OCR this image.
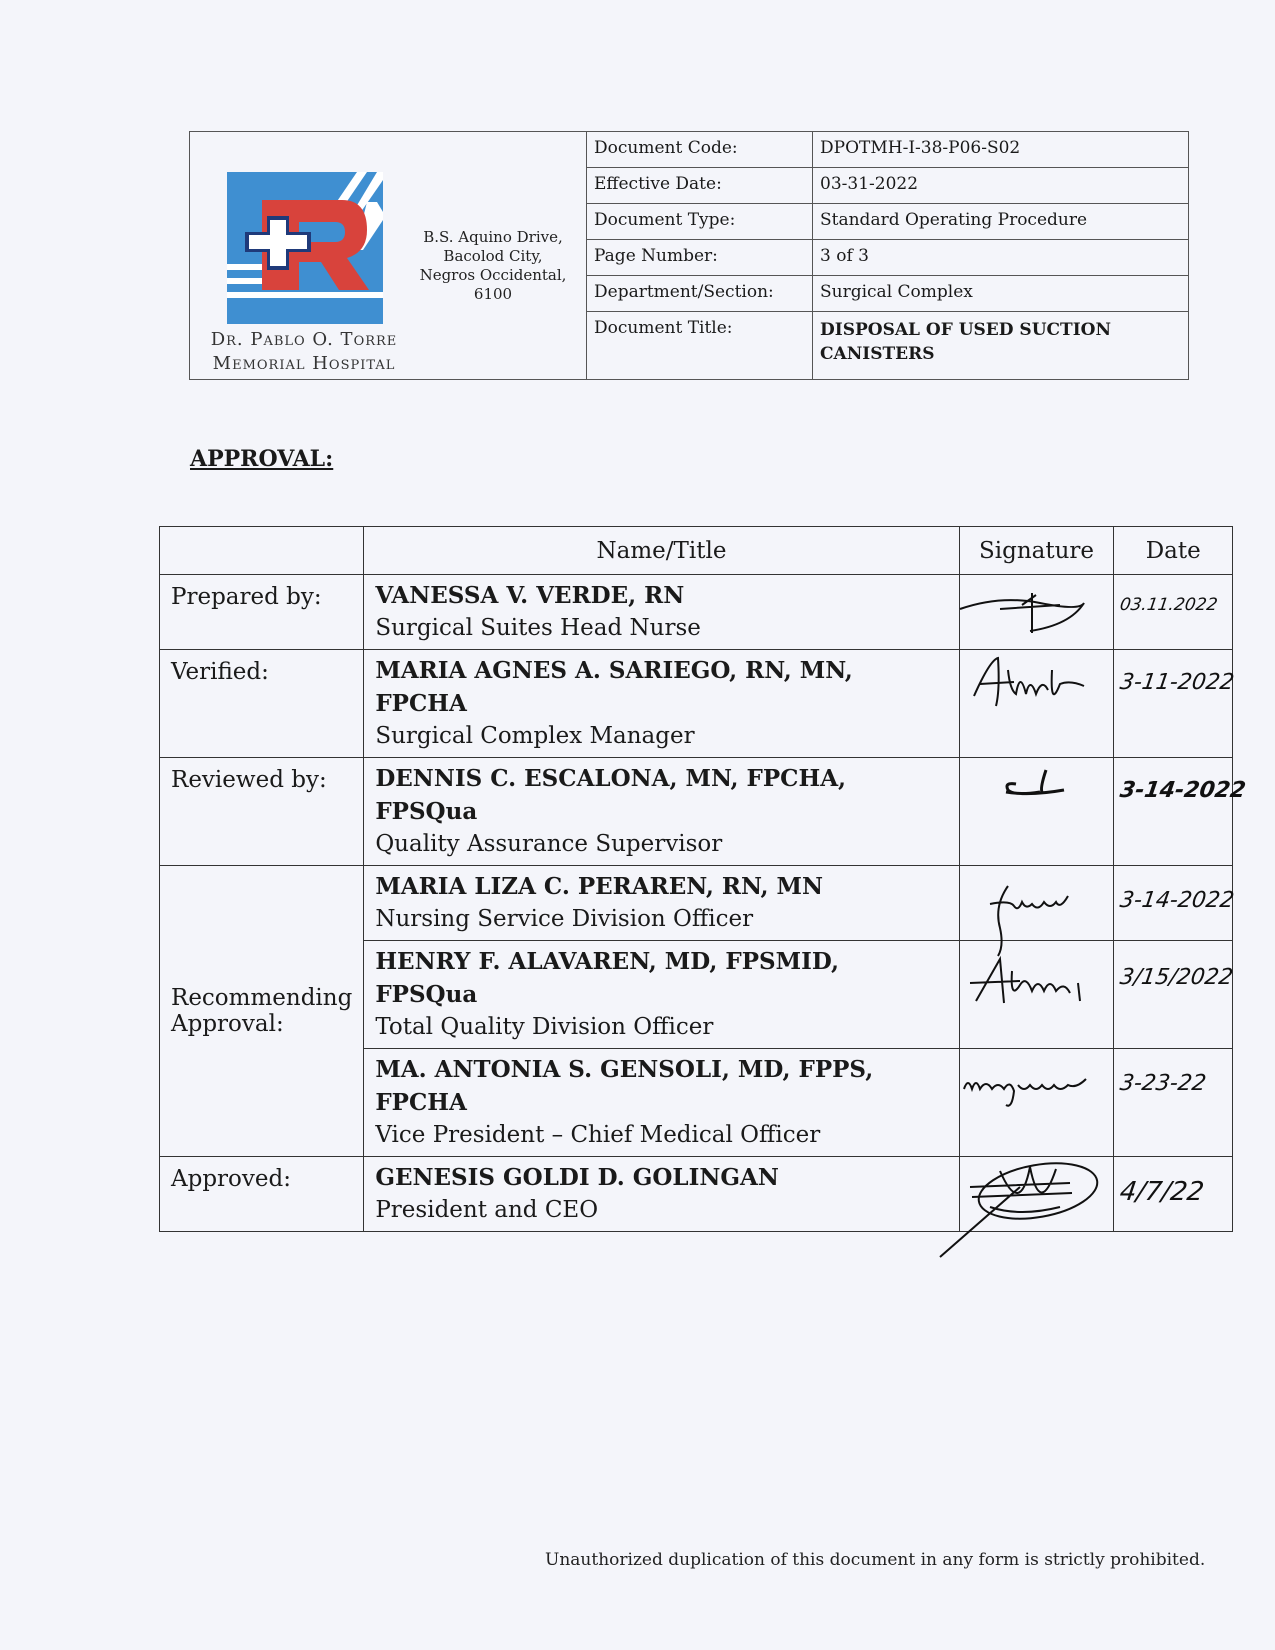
Dr. Pablo O. Torre
Memorial Hospital
B.S. Aquino Drive,
Bacolod City,
Negros Occidental,
6100
Document Code:	DPOTMH-I-38-P06-S02
Effective Date:	03-31-2022
Document Type:	Standard Operating Procedure
Page Number:	3 of 3
Department/Section:	Surgical Complex
Document Title:	DISPOSAL OF USED SUCTION CANISTERS
APPROVAL:
	Name/Title	Signature	Date
Prepared by:	VANESSA V. VERDE, RN
Surgical Suites Head Nurse		03.11.2022

Verified:	MARIA AGNES A. SARIEGO, RN, MN, FPCHA
Surgical Complex Manager		3-11-2022

Reviewed by:	DENNIS C. ESCALONA, MN, FPCHA, FPSQua
Quality Assurance Supervisor		3-14-2022

Recommending Approval:	MARIA LIZA C. PERAREN, RN, MN
Nursing Service Division Officer		3-14-2022

	HENRY F. ALAVAREN, MD, FPSMID, FPSQua
Total Quality Division Officer		3/15/2022

	MA. ANTONIA S. GENSOLI, MD, FPPS, FPCHA
Vice President – Chief Medical Officer		3-23-22

Approved:	GENESIS GOLDI D. GOLINGAN
President and CEO		4/7/22
Unauthorized duplication of this document in any form is strictly prohibited.
